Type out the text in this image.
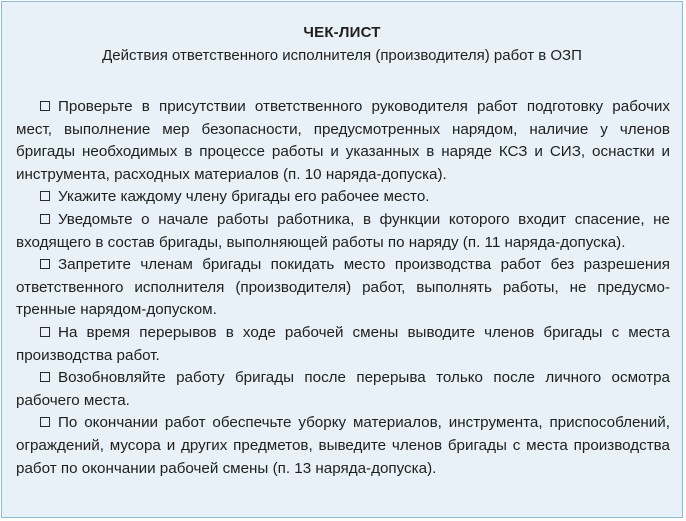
ЧЕК-ЛИСТ
Действия ответственного исполнителя (производителя) работ в ОЗП
Проверьте в присутствии ответственного руководителя работ подготовку рабочих мест, выполнение мер безопасности, предусмотренных нарядом, наличие у членов бригады необходимых в процессе работы и указанных в наряде КСЗ и СИЗ, оснастки и инструмента, расходных материалов (п. 10 наряда-допуска).
Укажите каждому члену бригады его рабочее место.
Уведомьте о начале работы работника, в функции которого входит спасение, не входящего в состав бригады, выполняющей работы по наряду (п. 11 наряда-допуска).
Запретите членам бригады покидать место производства работ без разрешения ответственного исполнителя (производителя) работ, выполнять работы, не предусмотренные нарядом-допуском.
На время перерывов в ходе рабочей смены выводите членов бригады с места производства работ.
Возобновляйте работу бригады после перерыва только после личного осмотра рабочего места.
По окончании работ обеспечьте уборку материалов, инструмента, приспособлений, ограждений, мусора и других предметов, выведите членов бригады с места производства работ по окончании рабочей смены (п. 13 наряда-допуска).
